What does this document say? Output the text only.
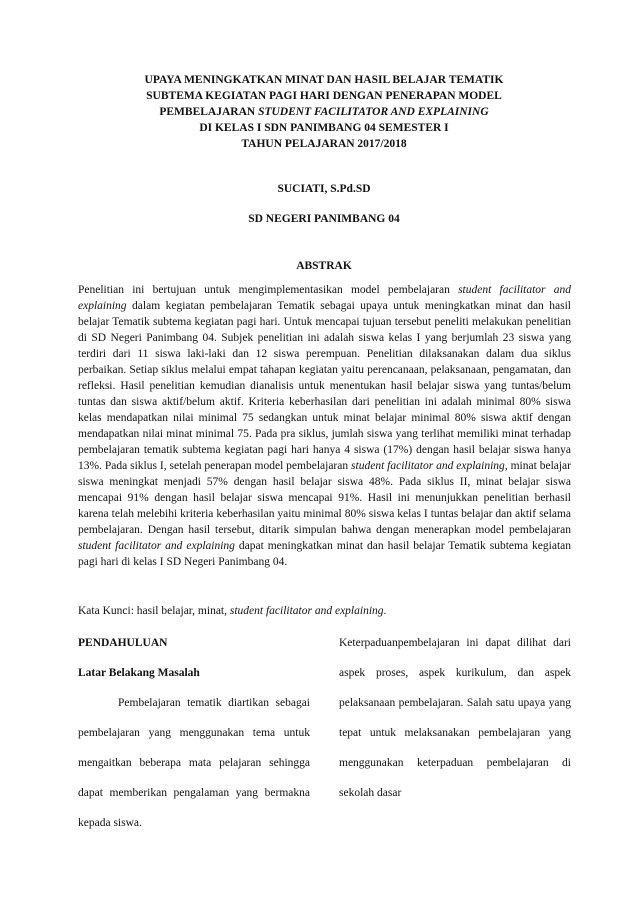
UPAYA MENINGKATKAN MINAT DAN HASIL BELAJAR TEMATIK
SUBTEMA KEGIATAN PAGI HARI DENGAN PENERAPAN MODEL
PEMBELAJARAN STUDENT FACILITATOR AND EXPLAINING
DI KELAS I SDN PANIMBANG 04 SEMESTER I
TAHUN PELAJARAN 2017/2018
SUCIATI, S.Pd.SD
SD NEGERI PANIMBANG 04
ABSTRAK
Penelitian ini bertujuan untuk mengimplementasikan model pembelajaran student facilitator and explaining dalam kegiatan pembelajaran Tematik sebagai upaya untuk meningkatkan minat dan hasil belajar Tematik subtema kegiatan pagi hari. Untuk mencapai tujuan tersebut peneliti melakukan penelitian di SD Negeri Panimbang 04. Subjek penelitian ini adalah siswa kelas I yang berjumlah 23 siswa yang terdiri dari 11 siswa laki-laki dan 12 siswa perempuan. Penelitian dilaksanakan dalam dua siklus perbaikan. Setiap siklus melalui empat tahapan kegiatan yaitu perencanaan, pelaksanaan, pengamatan, dan refleksi. Hasil penelitian kemudian dianalisis untuk menentukan hasil belajar siswa yang tuntas/belum tuntas dan siswa aktif/belum aktif. Kriteria keberhasilan dari penelitian ini adalah minimal 80% siswa kelas mendapatkan nilai minimal 75 sedangkan untuk minat belajar minimal 80% siswa aktif dengan mendapatkan nilai minat minimal 75. Pada pra siklus, jumlah siswa yang terlihat memiliki minat terhadap pembelajaran tematik subtema kegiatan pagi hari hanya 4 siswa (17%) dengan hasil belajar siswa hanya 13%. Pada siklus I, setelah penerapan model pembelajaran student facilitator and explaining, minat belajar siswa meningkat menjadi 57% dengan hasil belajar siswa 48%. Pada siklus II, minat belajar siswa mencapai 91% dengan hasil belajar siswa mencapai 91%. Hasil ini menunjukkan penelitian berhasil karena telah melebihi kriteria keberhasilan yaitu minimal 80% siswa kelas I tuntas belajar dan aktif selama pembelajaran. Dengan hasil tersebut, ditarik simpulan bahwa dengan menerapkan model pembelajaran student facilitator and explaining dapat meningkatkan minat dan hasil belajar Tematik subtema kegiatan pagi hari di kelas I SD Negeri Panimbang 04.
Kata Kunci: hasil belajar, minat, student facilitator and explaining.

PENDAHULUAN

Latar Belakang Masalah

Pembelajaran tematik diartikan sebagai pembelajaran yang menggunakan tema untuk mengaitkan beberapa mata pelajaran sehingga dapat memberikan pengalaman yang bermakna kepada siswa.

Keterpaduanpembelajaran ini dapat dilihat dari aspek proses, aspek kurikulum, dan aspek pelaksanaan pembelajaran. Salah satu upaya yang tepat untuk melaksanakan pembelajaran yang menggunakan keterpaduan pembelajaran di sekolah dasar
